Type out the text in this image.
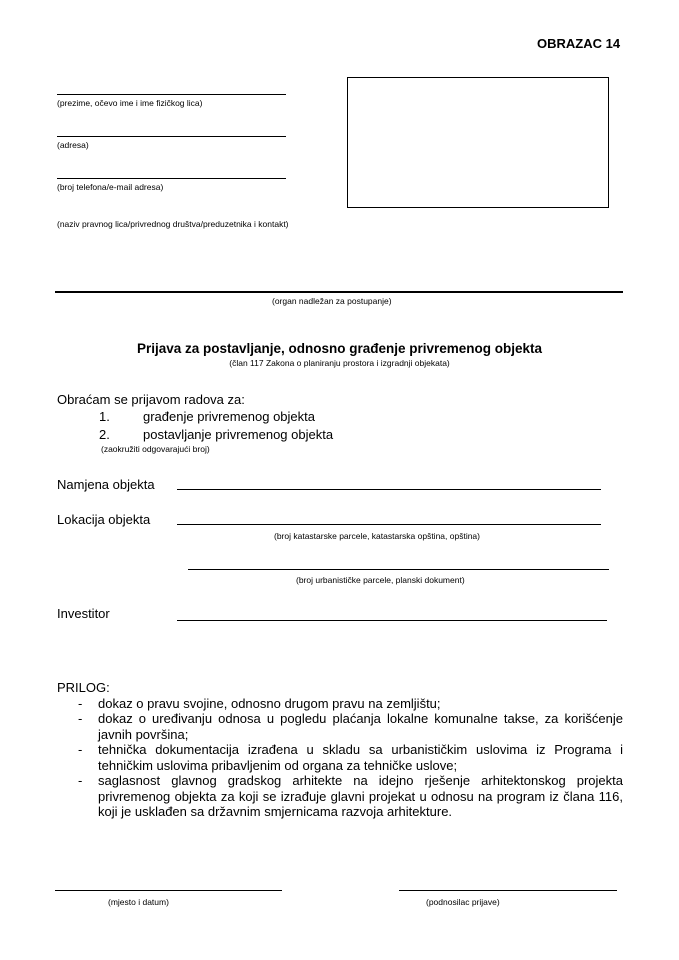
OBRAZAC 14
(prezime, očevo ime i ime fizičkog lica)
(adresa)
(broj telefona/e-mail adresa)
(naziv pravnog lica/privrednog društva/preduzetnika i kontakt)
(organ nadležan za postupanje)
Prijava za postavljanje, odnosno građenje privremenog objekta
(član 117 Zakona o planiranju prostora i izgradnji objekata)
Obraćam se prijavom radova za:
1.	građenje privremenog objekta
2.	postavljanje privremenog objekta
(zaokružiti odgovarajući broj)
Namjena objekta
Lokacija objekta
(broj katastarske parcele, katastarska opština, opština)
(broj urbanističke parcele, planski dokument)
Investitor
PRILOG:
- dokaz o pravu svojine, odnosno drugom pravu na zemljištu;
- dokaz o uređivanju odnosa u pogledu plaćanja lokalne komunalne takse, za korišćenje javnih površina;
- tehnička dokumentacija izrađena u skladu sa urbanističkim uslovima iz Programa i tehničkim uslovima pribavljenim od organa za tehničke uslove;
- saglasnost glavnog gradskog arhitekte na idejno rješenje arhitektonskog projekta privremenog objekta za koji se izrađuje glavni projekat u odnosu na program iz člana 116, koji je usklađen sa državnim smjernicama razvoja arhitekture.
(mjesto i datum)	(podnosilac prijave)
